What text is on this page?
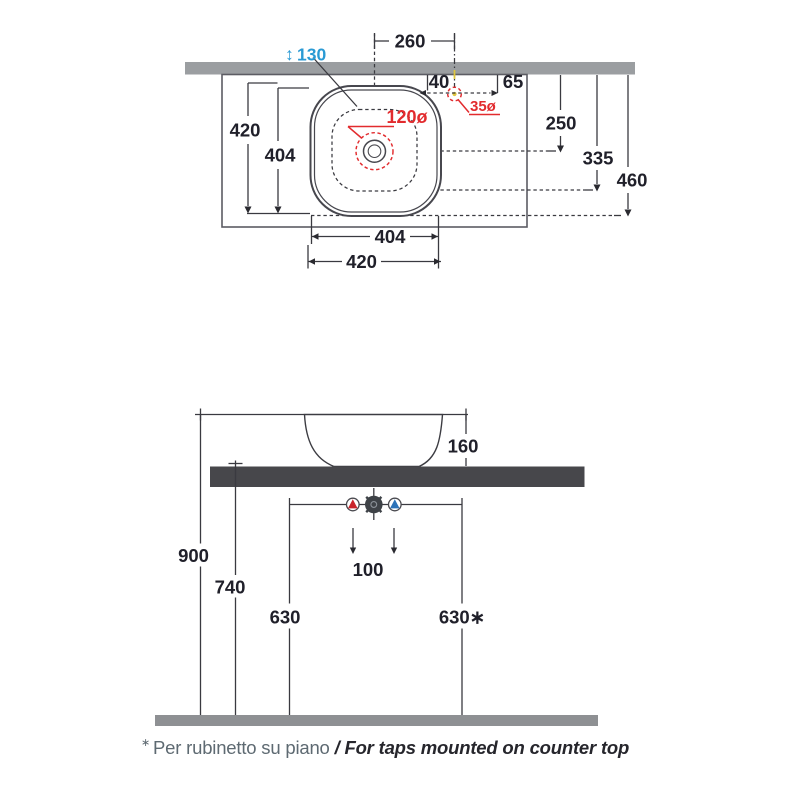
↕ 130
260
40	65
35ø
120ø
420
404
250
335
460
404
420
160
900
740
630	630∗
100
∗ Per rubinetto su piano / For taps mounted on counter top
